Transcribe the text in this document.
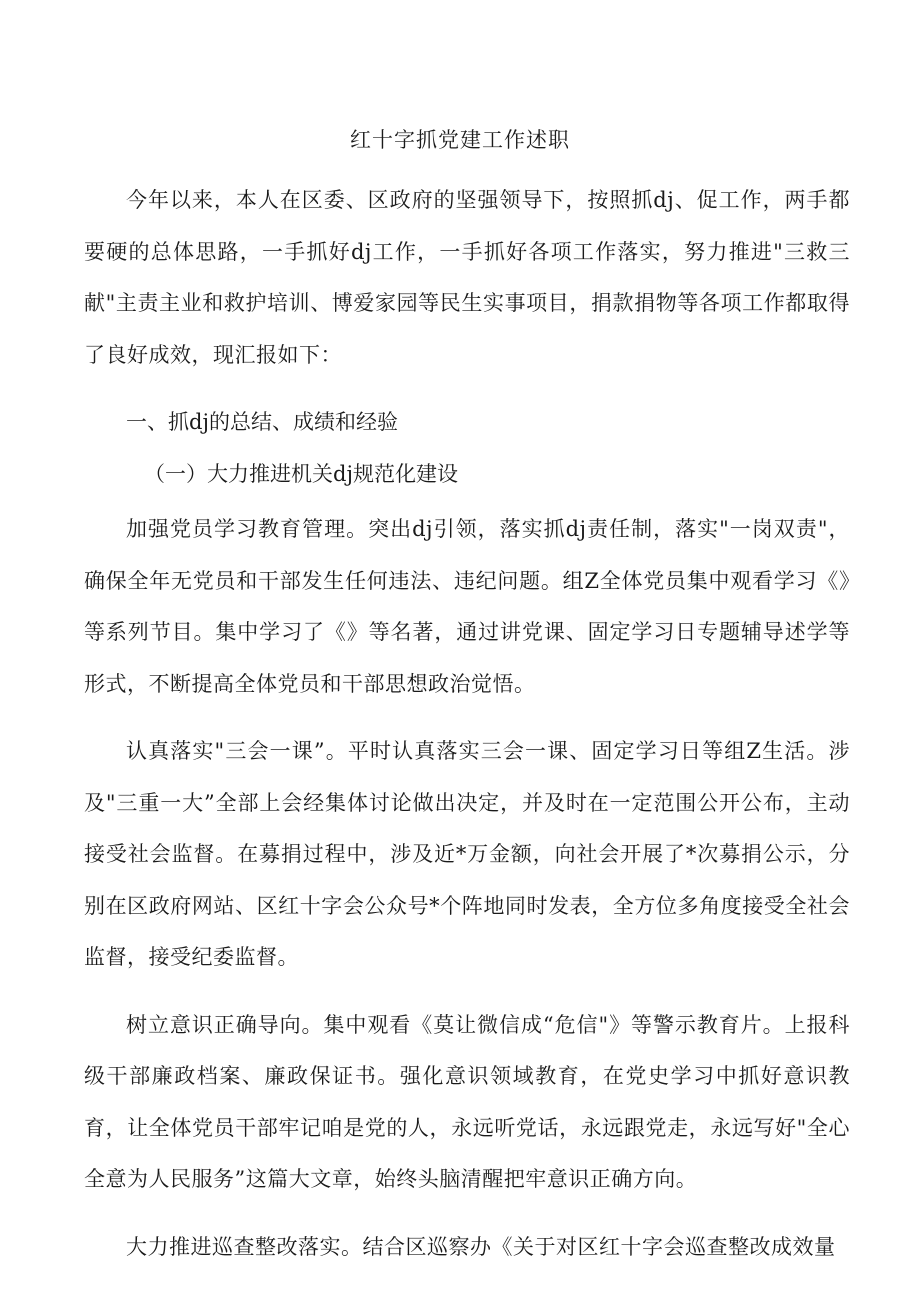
红十字抓党建工作述职

今年以来，本人在区委、区政府的坚强领导下，按照抓dj、促工作，两手都要硬的总体思路，一手抓好dj工作，一手抓好各项工作落实，努力推进"三救三献"主责主业和救护培训、博爱家园等民生实事项目，捐款捐物等各项工作都取得了良好成效，现汇报如下：

一、抓dj的总结、成绩和经验

（一）大力推进机关dj规范化建设

加强党员学习教育管理。突出dj引领，落实抓dj责任制，落实"一岗双责"，确保全年无党员和干部发生任何违法、违纪问题。组Z全体党员集中观看学习《》等系列节目。集中学习了《》等名著，通过讲党课、固定学习日专题辅导述学等形式，不断提高全体党员和干部思想政治觉悟。

认真落实"三会一课”。平时认真落实三会一课、固定学习日等组Z生活。涉及"三重一大”全部上会经集体讨论做出决定，并及时在一定范围公开公布，主动接受社会监督。在募捐过程中，涉及近*万金额，向社会开展了*次募捐公示，分别在区政府网站、区红十字会公众号*个阵地同时发表，全方位多角度接受全社会监督，接受纪委监督。

树立意识正确导向。集中观看《莫让微信成“危信"》等警示教育片。上报科级干部廉政档案、廉政保证书。强化意识领域教育，在党史学习中抓好意识教育，让全体党员干部牢记咱是党的人，永远听党话，永远跟党走，永远写好"全心全意为人民服务”这篇大文章，始终头脑清醒把牢意识正确方向。

大力推进巡查整改落实。结合区巡察办《关于对区红十字会巡查整改成效量
